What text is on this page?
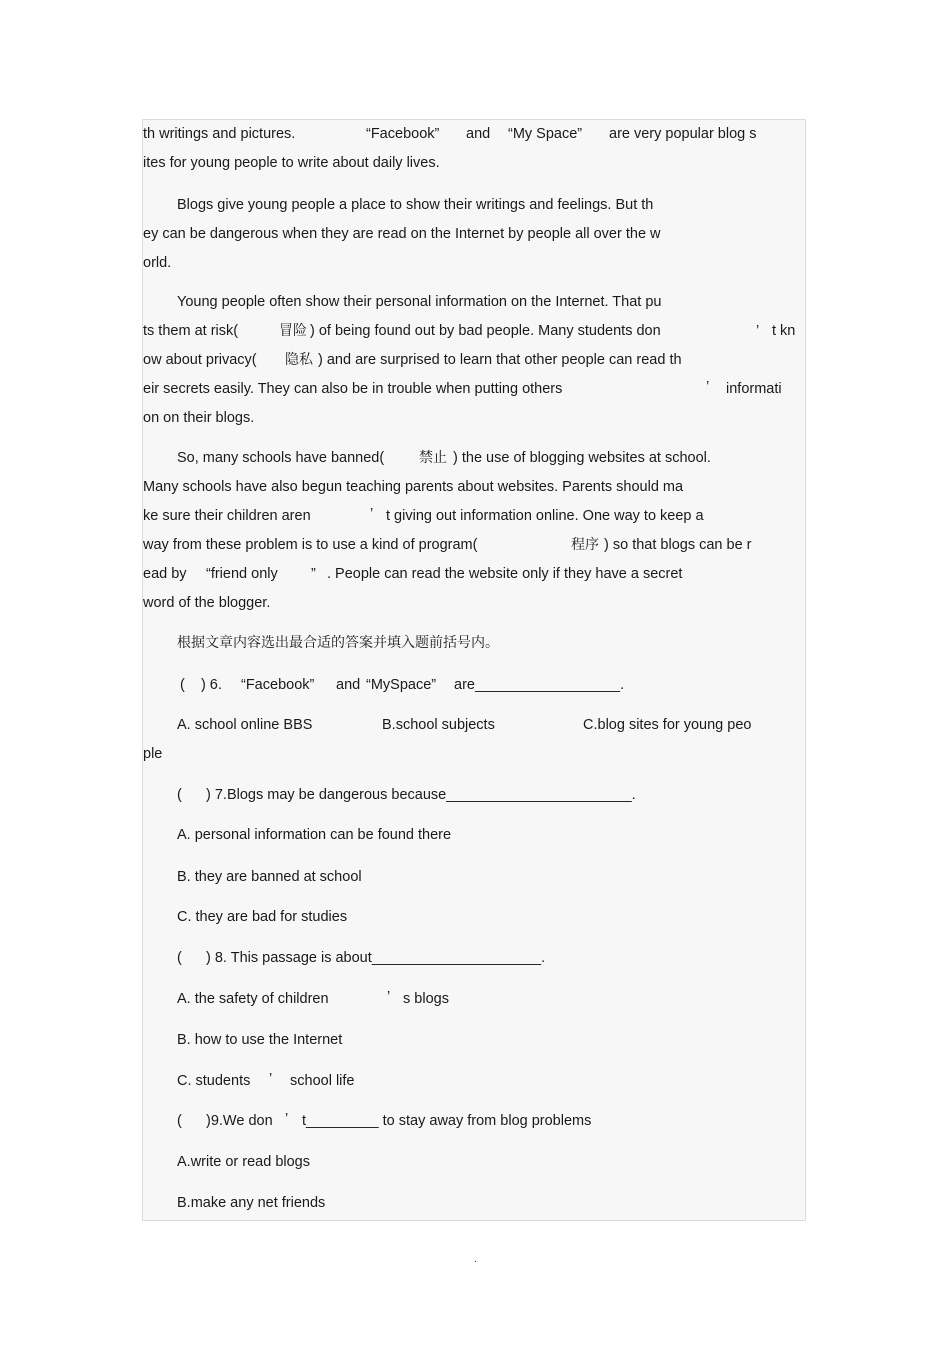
th writings and pictures.	“Facebook” and “My Space” are very popular blog s
ites for young people to write about daily lives.
Blogs give young people a place to show their writings and feelings. But th
ey can be dangerous when they are read on the Internet by people all over the w
orld.
Young people often show their personal information on the Internet. That pu
ts them at risk(	冒险 ) of being found out by bad people. Many students don	’ t kn
ow about privacy( 隐私 ) and are surprised to learn that other people can read th
eir secrets easily. They can also be in trouble when putting others	’ informati
on on their blogs.
So, many schools have banned( 禁止 ) the use of blogging websites at school.
Many schools have also begun teaching parents about websites. Parents should ma
ke sure their children aren	’ t giving out information online. One way to keep a
way from these problem is to use a kind of program(	程序 ) so that blogs can be r
ead by “friend only ” . People can read the website only if they have a secret
word of the blogger.
根据文章内容选出最合适的答案并填入题前括号内。
(    ) 6. “Facebook” and “MySpace” are__________________.
A. school online BBS	B.school subjects	C.blog sites for young peo
ple
(      ) 7.Blogs may be dangerous because_______________________.
A. personal information can be found there
B. they are banned at school
C. they are bad for studies
(      ) 8. This passage is about_____________________.
A. the safety of children	’ s blogs
B. how to use the Internet
C. students ’ school life
(      )9.We don ’ t_________ to stay away from blog problems
A.write or read blogs
B.make any net friends
.
